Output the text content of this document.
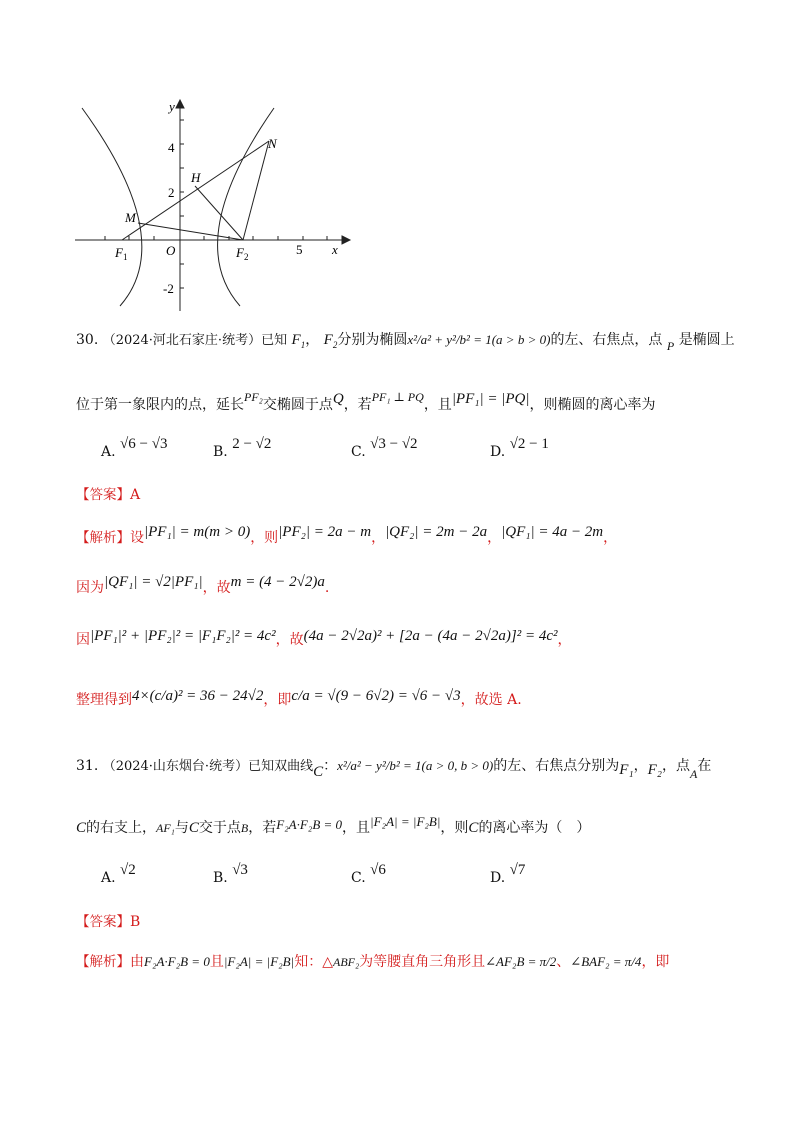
y
x
4
2
-2
5
O
$F_1$	$F_2$
M
H
N
30. （2024·河北石家庄·统考）已知 $F_1$， $F_2$分别为椭圆x²/a² + y²/b² = 1(a > b > 0)的左、右焦点，点 P 是椭圆上
位于第一象限内的点，延长PF₂交椭圆于点Q，若PF₁ ⊥ PQ，且|PF₁| = |PQ|，则椭圆的离心率为
A. √6 − √3	B. 2 − √2	C. √3 − √2	D. √2 − 1
【答案】A
【解析】设|PF₁| = m(m > 0)，则|PF₂| = 2a − m，|QF₂| = 2m − 2a，|QF₁| = 4a − 2m，
因为|QF₁| = √2|PF₁|，故m = (4 − 2√2)a.
因|PF₁|² + |PF₂|² = |F₁F₂|² = 4c²，故(4a − 2√2a)² + [2a − (4a − 2√2a)]² = 4c²，
整理得到4×(c/a)² = 36 − 24√2，即c/a = √(9 − 6√2) = √6 − √3，故选 A.
31. （2024·山东烟台·统考）已知双曲线C：x²/a² − y²/b² = 1(a > 0, b > 0)的左、右焦点分别为F₁，F₂，点A在
C的右支上，AF₁与C交于点B，若F₂A·F₂B = 0，且|F₂A| = |F₂B|，则C的离心率为（　）
A. √2	B. √3	C. √6	D. √7
【答案】B
【解析】由F₂A·F₂B = 0且|F₂A| = |F₂B|知：△ABF₂为等腰直角三角形且∠AF₂B = π/2、∠BAF₂ = π/4，即
